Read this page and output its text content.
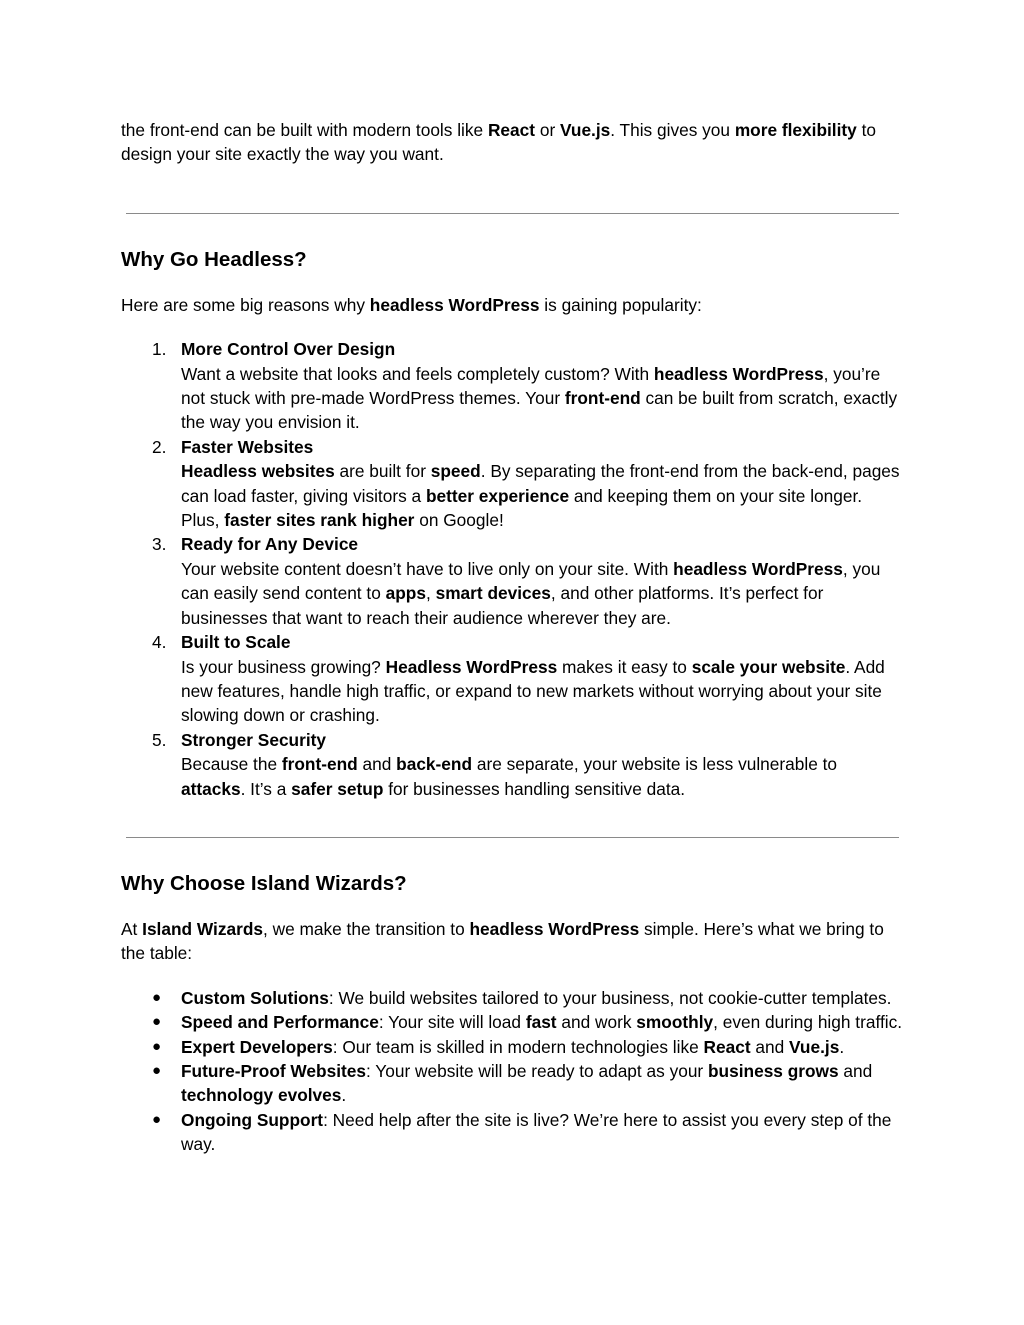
the front-end can be built with modern tools like React or Vue.js. This gives you more flexibility to design your site exactly the way you want.

Why Go Headless?

Here are some big reasons why headless WordPress is gaining popularity:

1. More Control Over Design
Want a website that looks and feels completely custom? With headless WordPress, you’re not stuck with pre-made WordPress themes. Your front-end can be built from scratch, exactly the way you envision it.
2. Faster Websites
Headless websites are built for speed. By separating the front-end from the back-end, pages can load faster, giving visitors a better experience and keeping them on your site longer. Plus, faster sites rank higher on Google!
3. Ready for Any Device
Your website content doesn’t have to live only on your site. With headless WordPress, you can easily send content to apps, smart devices, and other platforms. It’s perfect for businesses that want to reach their audience wherever they are.
4. Built to Scale
Is your business growing? Headless WordPress makes it easy to scale your website. Add new features, handle high traffic, or expand to new markets without worrying about your site slowing down or crashing.
5. Stronger Security
Because the front-end and back-end are separate, your website is less vulnerable to attacks. It’s a safer setup for businesses handling sensitive data.
Why Choose Island Wizards?

At Island Wizards, we make the transition to headless WordPress simple. Here’s what we bring to the table:

● Custom Solutions: We build websites tailored to your business, not cookie-cutter templates.
● Speed and Performance: Your site will load fast and work smoothly, even during high traffic.
● Expert Developers: Our team is skilled in modern technologies like React and Vue.js.
● Future-Proof Websites: Your website will be ready to adapt as your business grows and technology evolves.
● Ongoing Support: Need help after the site is live? We’re here to assist you every step of the way.
